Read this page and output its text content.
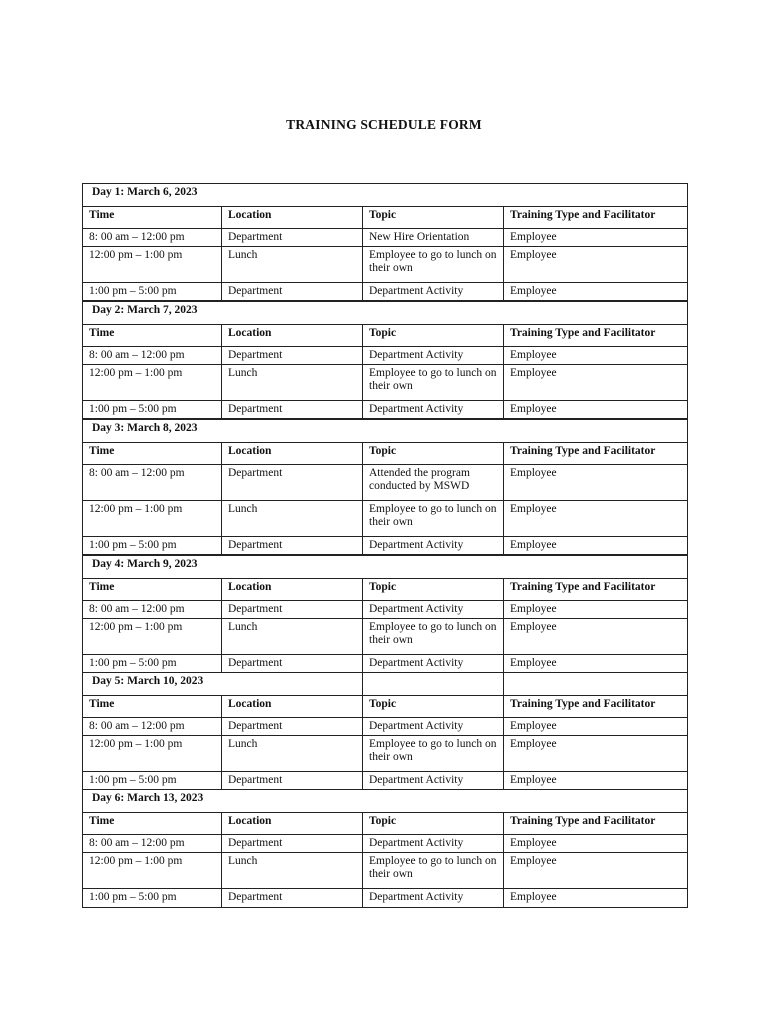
TRAINING SCHEDULE FORM
Day 1: March 6, 2023			
Time	Location	Topic	Training Type and Facilitator
8: 00 am – 12:00 pm	Department	New Hire Orientation	Employee
12:00 pm – 1:00 pm	Lunch	Employee to go to lunch on their own	Employee
1:00 pm – 5:00 pm	Department	Department Activity	Employee
Day 2: March 7, 2023			
Time	Location	Topic	Training Type and Facilitator
8: 00 am – 12:00 pm	Department	Department Activity	Employee
12:00 pm – 1:00 pm	Lunch	Employee to go to lunch on their own	Employee
1:00 pm – 5:00 pm	Department	Department Activity	Employee
Day 3: March 8, 2023			
Time	Location	Topic	Training Type and Facilitator
8: 00 am – 12:00 pm	Department	Attended the program conducted by MSWD	Employee
12:00 pm – 1:00 pm	Lunch	Employee to go to lunch on their own	Employee
1:00 pm – 5:00 pm	Department	Department Activity	Employee
Day 4: March 9, 2023			
Time	Location	Topic	Training Type and Facilitator
8: 00 am – 12:00 pm	Department	Department Activity	Employee
12:00 pm – 1:00 pm	Lunch	Employee to go to lunch on their own	Employee
1:00 pm – 5:00 pm	Department	Department Activity	Employee
Day 5: March 10, 2023			
Time	Location	Topic	Training Type and Facilitator
8: 00 am – 12:00 pm	Department	Department Activity	Employee
12:00 pm – 1:00 pm	Lunch	Employee to go to lunch on their own	Employee
1:00 pm – 5:00 pm	Department	Department Activity	Employee
Day 6: March 13, 2023			
Time	Location	Topic	Training Type and Facilitator
8: 00 am – 12:00 pm	Department	Department Activity	Employee
12:00 pm – 1:00 pm	Lunch	Employee to go to lunch on their own	Employee
1:00 pm – 5:00 pm	Department	Department Activity	Employee
